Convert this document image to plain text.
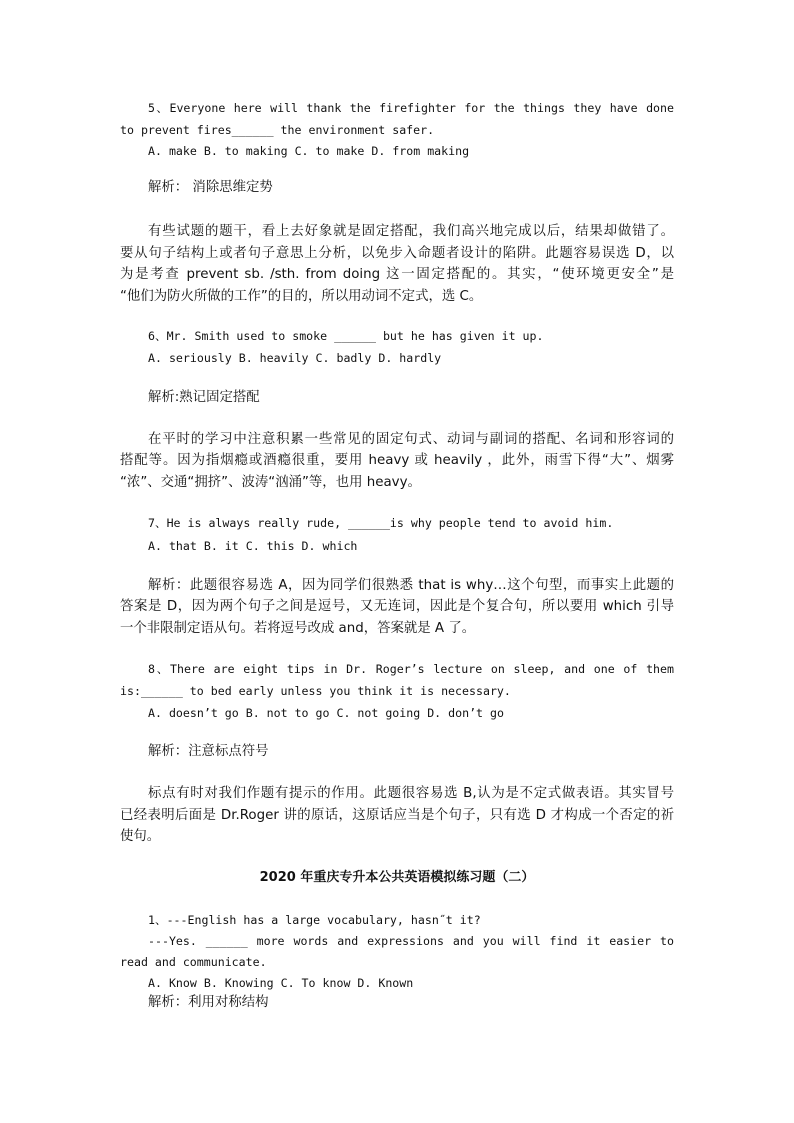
5、Everyone here will thank the firefighter for the things they have done
to prevent fires______ the environment safer.
A. make B. to making C. to make D. from making
解析： 消除思维定势
有些试题的题干，看上去好象就是固定搭配，我们高兴地完成以后，结果却做错了。
要从句子结构上或者句子意思上分析，以免步入命题者设计的陷阱。此题容易误选 D，以
为是考查 prevent sb. /sth. from doing 这一固定搭配的。其实，“使环境更安全”是
“他们为防火所做的工作”的目的，所以用动词不定式，选 C。
6、Mr. Smith used to smoke ______ but he has given it up.
A. seriously B. heavily C. badly D. hardly
解析:熟记固定搭配
在平时的学习中注意积累一些常见的固定句式、动词与副词的搭配、名词和形容词的
搭配等。因为指烟瘾或酒瘾很重，要用 heavy 或 heavily ，此外，雨雪下得“大”、烟雾
“浓”、交通“拥挤”、波涛“汹涌”等，也用 heavy。
7、He is always really rude, ______is why people tend to avoid him.
A. that B. it C. this D. which
解析：此题很容易选 A，因为同学们很熟悉 that is why…这个句型，而事实上此题的
答案是 D，因为两个句子之间是逗号，又无连词，因此是个复合句，所以要用 which 引导
一个非限制定语从句。若将逗号改成 and，答案就是 A 了。
8、There are eight tips in Dr. Roger’s lecture on sleep, and one of them
is:______ to bed early unless you think it is necessary.
A. doesn’t go B. not to go C. not going D. don’t go
解析：注意标点符号
标点有时对我们作题有提示的作用。此题很容易选 B,认为是不定式做表语。其实冒号
已经表明后面是 Dr.Roger 讲的原话，这原话应当是个句子，只有选 D 才构成一个否定的祈
使句。
2020 年重庆专升本公共英语模拟练习题（二）
1、---English has a large vocabulary, hasn˝t it?
---Yes. ______ more words and expressions and you will find it easier to
read and communicate.
A. Know B. Knowing C. To know D. Known
解析：利用对称结构
